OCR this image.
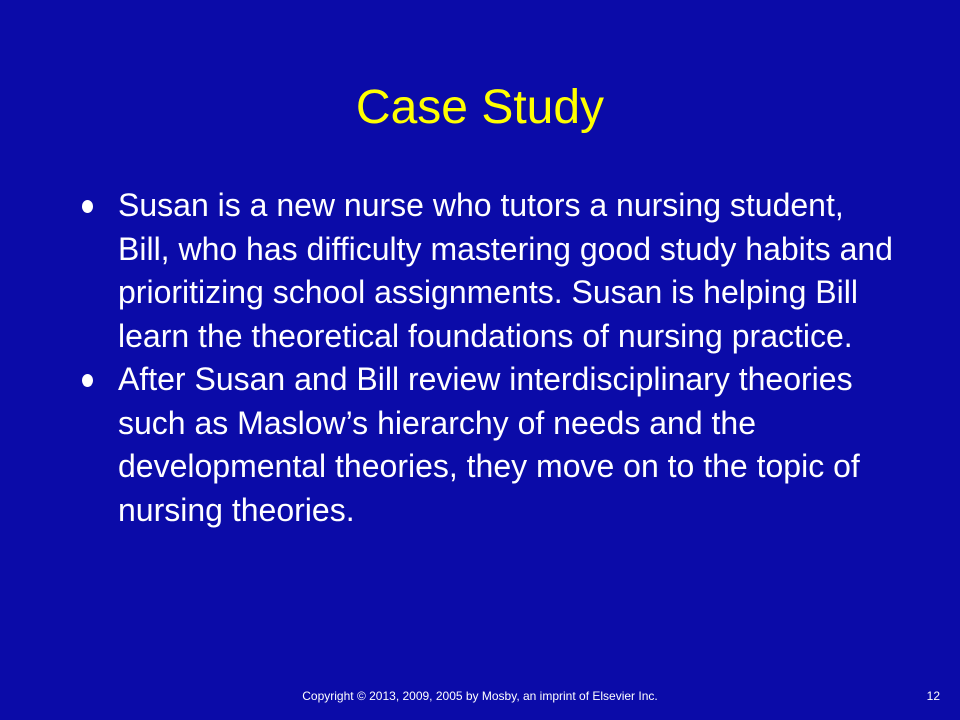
Case Study
Susan is a new nurse who tutors a nursing student, Bill, who has difficulty mastering good study habits and prioritizing school assignments. Susan is helping Bill learn the theoretical foundations of nursing practice.
After Susan and Bill review interdisciplinary theories such as Maslow’s hierarchy of needs and the developmental theories, they move on to the topic of nursing theories.
Copyright © 2013, 2009, 2005 by Mosby, an imprint of Elsevier Inc.	12
